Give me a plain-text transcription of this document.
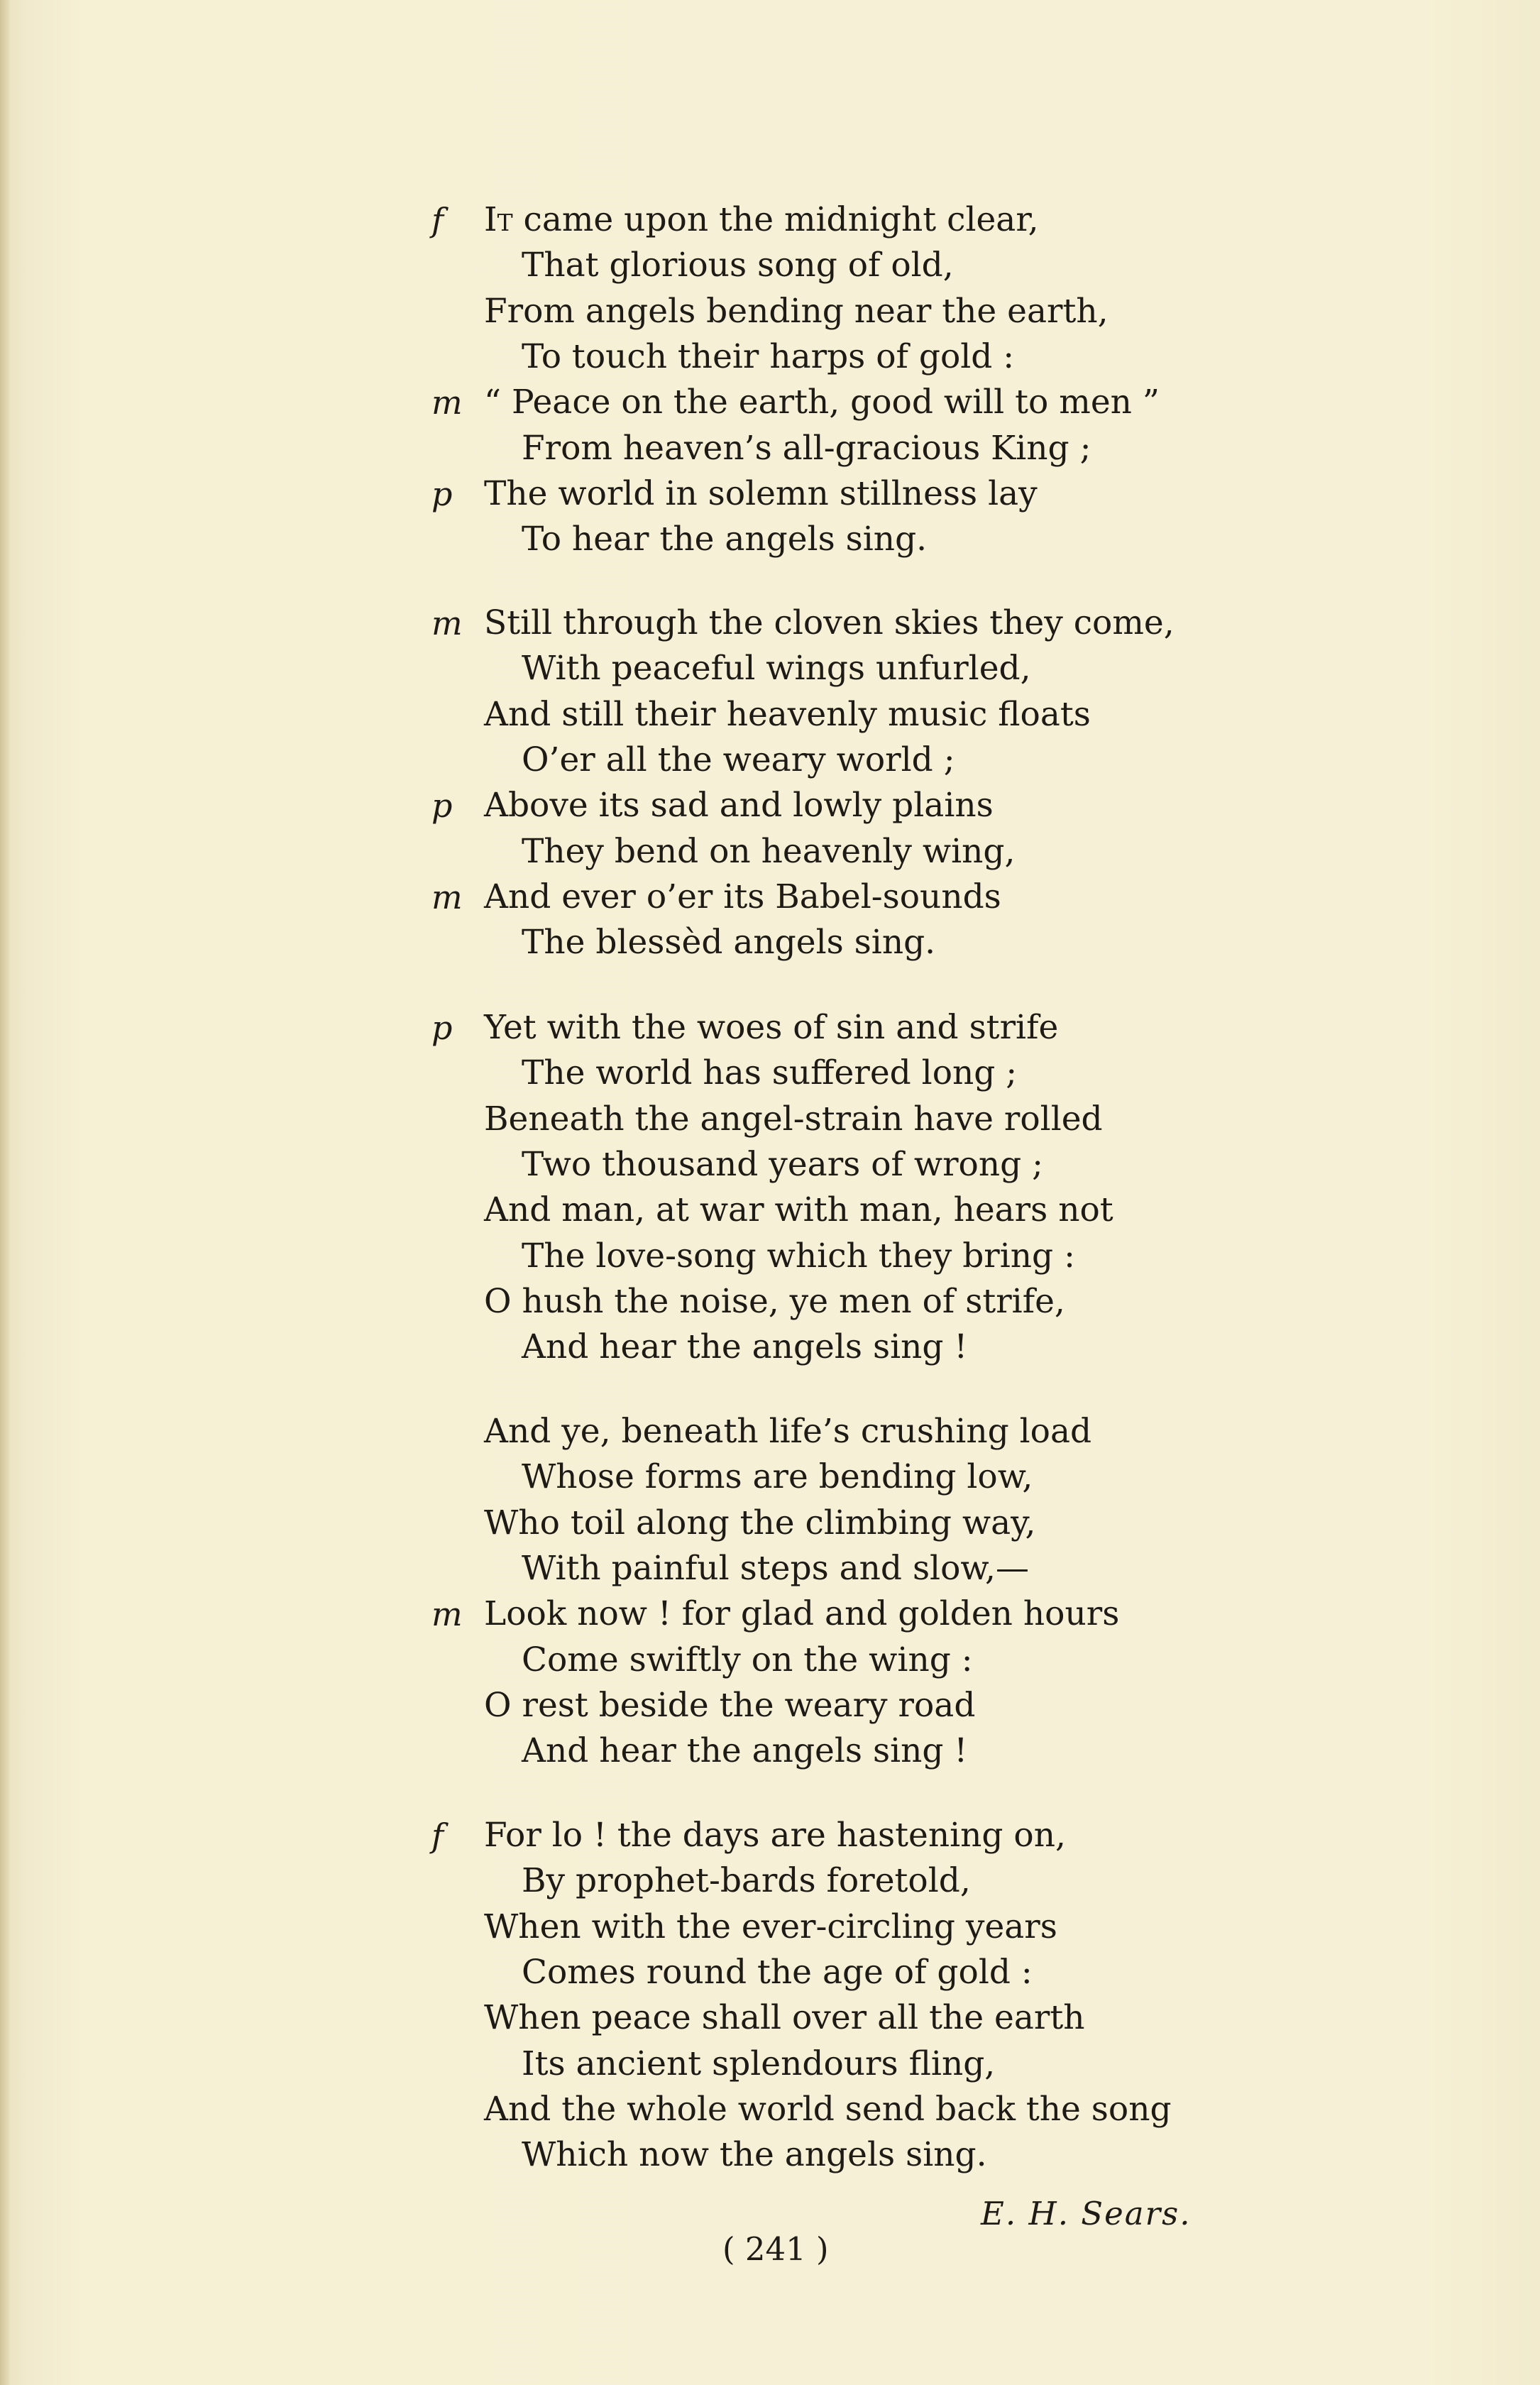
f It came upon the midnight clear,
That glorious song of old,
From angels bending near the earth,
To touch their harps of gold :
m “ Peace on the earth, good will to men ”
From heaven’s all-gracious King ;
p The world in solemn stillness lay
To hear the angels sing.
m Still through the cloven skies they come,
With peaceful wings unfurled,
And still their heavenly music floats
O’er all the weary world ;
p Above its sad and lowly plains
They bend on heavenly wing,
m And ever o’er its Babel-sounds
The blessèd angels sing.
p Yet with the woes of sin and strife
The world has suffered long ;
Beneath the angel-strain have rolled
Two thousand years of wrong ;
And man, at war with man, hears not
The love-song which they bring :
O hush the noise, ye men of strife,
And hear the angels sing !
And ye, beneath life’s crushing load
Whose forms are bending low,
Who toil along the climbing way,
With painful steps and slow,—
m Look now ! for glad and golden hours
Come swiftly on the wing :
O rest beside the weary road
And hear the angels sing !
f For lo ! the days are hastening on,
By prophet-bards foretold,
When with the ever-circling years
Comes round the age of gold :
When peace shall over all the earth
Its ancient splendours fling,
And the whole world send back the song
Which now the angels sing.
E. H. Sears.
( 241 )
